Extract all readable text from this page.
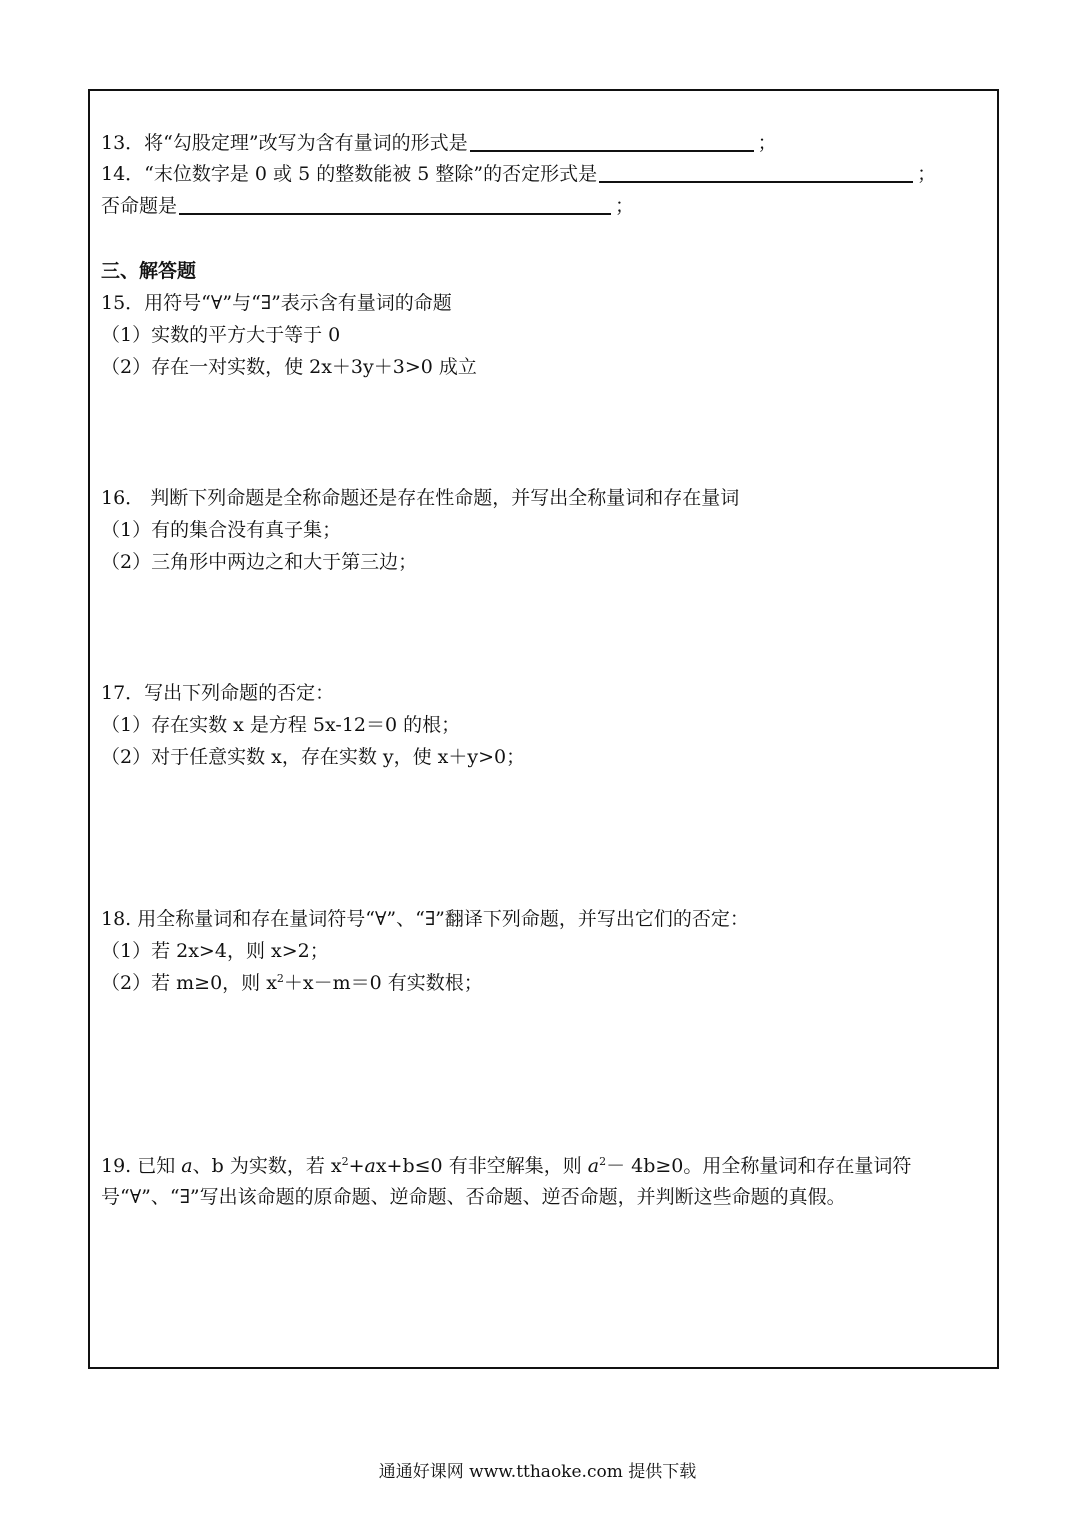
13．将“勾股定理”改写为含有量词的形式是	；
14．“末位数字是 0 或 5 的整数能被 5 整除”的否定形式是	；
否命题是	；
三、解答题
15．用符号“∀”与“∃”表示含有量词的命题
（1）实数的平方大于等于 0
（2）存在一对实数，使 2x＋3y＋3>0 成立
16． 判断下列命题是全称命题还是存在性命题，并写出全称量词和存在量词
（1）有的集合没有真子集；
（2）三角形中两边之和大于第三边；
17．写出下列命题的否定：
（1）存在实数 x 是方程 5x-12＝0 的根；
（2）对于任意实数 x，存在实数 y，使 x＋y>0；
18. 用全称量词和存在量词符号“∀”、“∃”翻译下列命题，并写出它们的否定：
（1）若 2x>4，则 x>2；
（2）若 m≥0，则 $x^2+x-m=0$ 有实数根；
19. 已知 a、b 为实数，若 $x^2+ax+b\le 0$ 有非空解集，则 $a^2- 4b\ge 0$。用全称量词和存在量词符
号“∀”、“∃”写出该命题的原命题、逆命题、否命题、逆否命题，并判断这些命题的真假。
通通好课网 www.tthaoke.com 提供下载
